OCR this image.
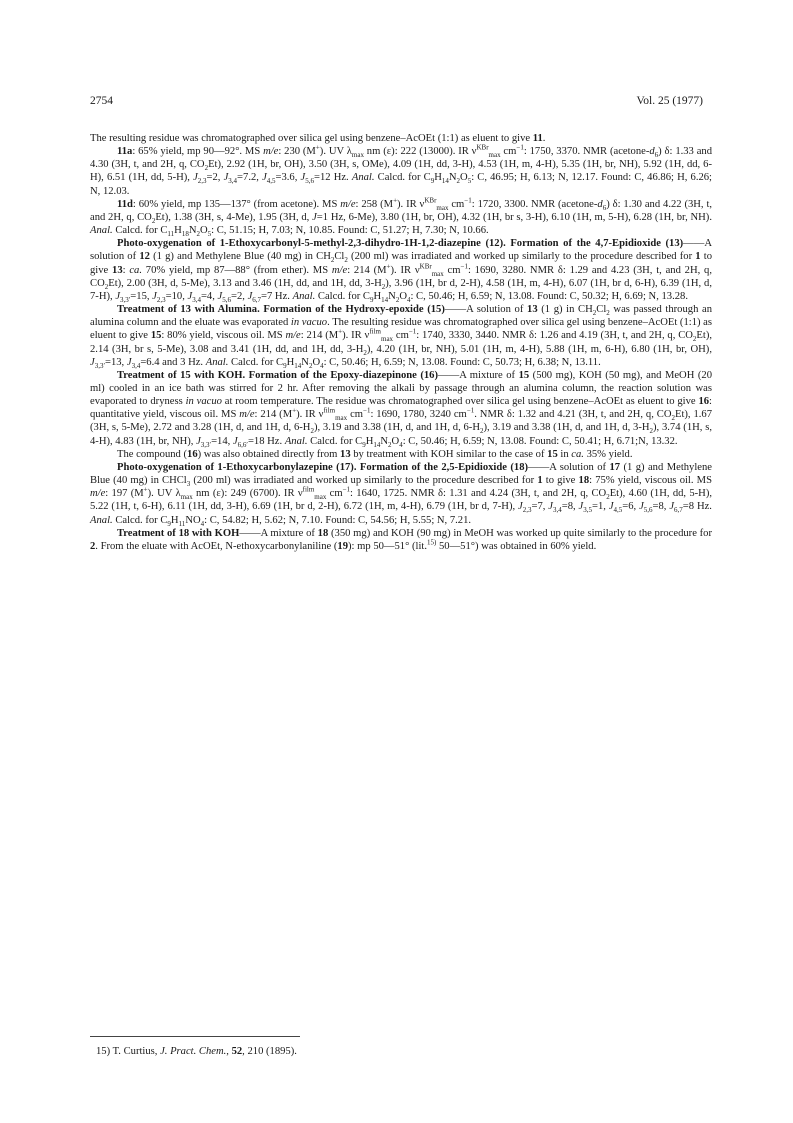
2754	Vol. 25 (1977)

The resulting residue was chromatographed over silica gel using benzene–AcOEt (1:1) as eluent to give 11.

11a: 65% yield, mp 90—92°. MS m/e: 230 (M+). UV $\lambda_{max}$ nm (ε): 222 (13000). IR $\nu^{KBr}_{max}$ $cm^{-1}$: 1750, 3370. NMR $(acetone-d_6)$ δ: 1.33 and 4.30 (3H, t, and 2H, q, $CO_2Et$), 2.92 (1H, br, OH), 3.50 (3H, s, OMe), 4.09 (1H, dd, 3-H), 4.53 (1H, m, 4-H), 5.35 (1H, br, NH), 5.92 (1H, dd, 6-H), 6.51 (1H, dd, 5-H), $J_{2,3}=2$, $J_{3,4}=7.2$, $J_{4,5}=3.6$, $J_{5,6}=12$ Hz. Anal. Calcd. for $C_9H_{14}N_2O_5$: C, 46.95; H, 6.13; N, 12.17. Found: C, 46.86; H, 6.26; N, 12.03.

11d: 60% yield, mp 135—137° (from acetone). MS m/e: 258 (M+). IR $\nu^{KBr}_{max}$ $cm^{-1}$: 1720, 3300. NMR $(acetone-d_6)$ δ: 1.30 and 4.22 (3H, t, and 2H, q, $CO_2Et$), 1.38 (3H, s, 4-Me), 1.95 (3H, d, J=1 Hz, 6-Me), 3.80 (1H, br, OH), 4.32 (1H, br s, 3-H), 6.10 (1H, m, 5-H), 6.28 (1H, br, NH). Anal. Calcd. for $C_{11}H_{18}N_2O_5$: C, 51.15; H, 7.03; N, 10.85. Found: C, 51.27; H, 7.30; N, 10.66.

Photo-oxygenation of 1-Ethoxycarbonyl-5-methyl-2,3-dihydro-1H-1,2-diazepine (12). Formation of the 4,7-Epidioxide (13)——A solution of 12 (1 g) and Methylene Blue (40 mg) in $CH_2Cl_2$ (200 ml) was irradiated and worked up similarly to the procedure described for 1 to give 13: ca. 70% yield, mp 87—88° (from ether). MS m/e: 214 (M+). IR $\nu^{KBr}_{max}$ $cm^{-1}$: 1690, 3280. NMR δ: 1.29 and 4.23 (3H, t, and 2H, q, $CO_2Et$), 2.00 (3H, d, 5-Me), 3.13 and 3.46 (1H, dd, and 1H, dd, $3-H_2$), 3.96 (1H, br d, 2-H), 4.58 (1H, m, 4-H), 6.07 (1H, br d, 6-H), 6.39 (1H, d, 7-H), $J_{3,3'}=15$, $J_{2,3}=10$, $J_{3,4}=4$, $J_{5,6}=2$, $J_{6,7}=7$ Hz. Anal. Calcd. for $C_9H_{14}N_2O_4$: C, 50.46; H, 6.59; N, 13.08. Found: C, 50.32; H, 6.69; N, 13.28.

Treatment of 13 with Alumina. Formation of the Hydroxy-epoxide (15)——A solution of 13 (1 g) in $CH_2Cl_2$ was passed through an alumina column and the eluate was evaporated in vacuo. The resulting residue was chromatographed over silica gel using benzene–AcOEt (1:1) as eluent to give 15: 80% yield, viscous oil. MS m/e: 214 (M+). IR $\nu^{film}_{max}$ $cm^{-1}$: 1740, 3330, 3440. NMR δ: 1.26 and 4.19 (3H, t, and 2H, q, $CO_2Et$), 2.14 (3H, br s, 5-Me), 3.08 and 3.41 (1H, dd, and 1H, dd, $3-H_2$), 4.20 (1H, br, NH), 5.01 (1H, m, 4-H), 5.88 (1H, m, 6-H), 6.80 (1H, br, OH), $J_{3,3'}=13$, $J_{3,4}=6.4$ and 3 Hz. Anal. Calcd. for $C_9H_{14}N_2O_4$: C, 50.46; H, 6.59; N, 13.08. Found: C, 50.73; H, 6.38; N, 13.11.

Treatment of 15 with KOH. Formation of the Epoxy-diazepinone (16)——A mixture of 15 (500 mg), KOH (50 mg), and MeOH (20 ml) cooled in an ice bath was stirred for 2 hr. After removing the alkali by passage through an alumina column, the reaction solution was evaporated to dryness in vacuo at room temperature. The residue was chromatographed over silica gel using benzene–AcOEt as eluent to give 16: quantitative yield, viscous oil. MS m/e: 214 (M+). IR $\nu^{film}_{max}$ $cm^{-1}$: 1690, 1780, 3240 $cm^{-1}$. NMR δ: 1.32 and 4.21 (3H, t, and 2H, q, $CO_2Et$), 1.67 (3H, s, 5-Me), 2.72 and 3.28 (1H, d, and 1H, d, $6-H_2$), 3.19 and 3.38 (1H, d, and 1H, d, $6-H_2$), 3.19 and 3.38 (1H, d, and 1H, d, $3-H_2$), 3.74 (1H, s, 4-H), 4.83 (1H, br, NH), $J_{3,3'}=14$, $J_{6,6'}=18$ Hz. Anal. Calcd. for $C_9H_{14}N_2O_4$: C, 50.46; H, 6.59; N, 13.08. Found: C, 50.41; H, 6.71;N, 13.32.

The compound (16) was also obtained directly from 13 by treatment with KOH similar to the case of 15 in ca. 35% yield.

Photo-oxygenation of 1-Ethoxycarbonylazepine (17). Formation of the 2,5-Epidioxide (18)——A solution of 17 (1 g) and Methylene Blue (40 mg) in CHCl$_3$ (200 ml) was irradiated and worked up similarly to the procedure described for 1 to give 18: 75% yield, viscous oil. MS m/e: 197 (M+). UV $\lambda_{max}$ nm (ε): 249 (6700). IR $\nu^{film}_{max}$ $cm^{-1}$: 1640, 1725. NMR δ: 1.31 and 4.24 (3H, t, and 2H, q, $CO_2Et$), 4.60 (1H, dd, 5-H), 5.22 (1H, t, 6-H), 6.11 (1H, dd, 3-H), 6.69 (1H, br d, 2-H), 6.72 (1H, m, 4-H), 6.79 (1H, br d, 7-H), $J_{2,3}=7$, $J_{3,4}=8$, $J_{3,5}=1$, $J_{4,5}=6$, $J_{5,6}=8$, $J_{6,7}=8$ Hz. Anal. Calcd. for $C_9H_{11}NO_4$: C, 54.82; H, 5.62; N, 7.10. Found: C, 54.56; H, 5.55; N, 7.21.

Treatment of 18 with KOH——A mixture of 18 (350 mg) and KOH (90 mg) in MeOH was worked up quite similarly to the procedure for 2. From the eluate with AcOEt, N-ethoxycarbonylaniline (19): mp 50—51° (lit.$^{15)}$ 50—51°) was obtained in 60% yield.

15) T. Curtius, J. Pract. Chem., 52, 210 (1895).
